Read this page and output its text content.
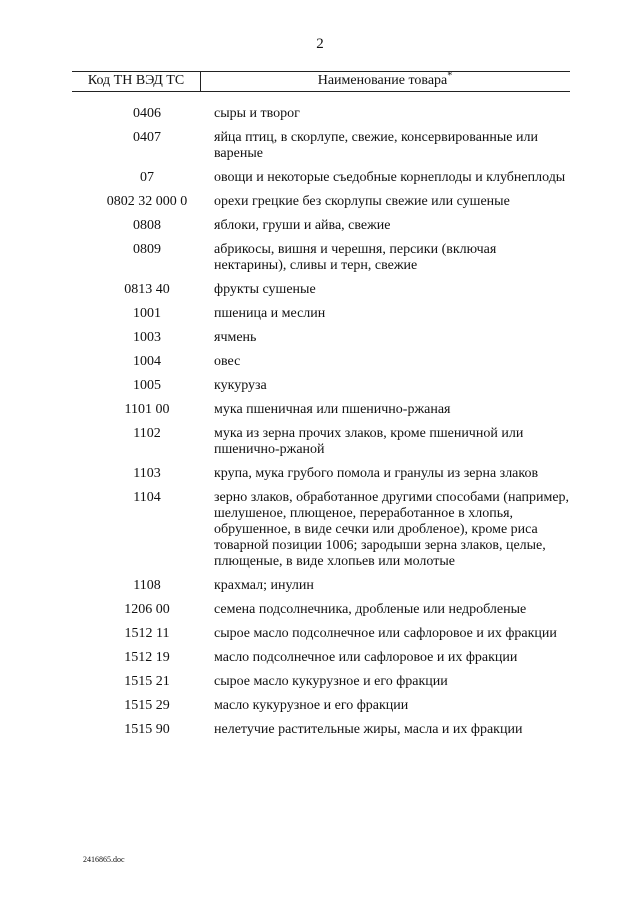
2
Код ТН ВЭД ТС	Наименование товара*
0406	сыры и творог
0407	яйца птиц, в скорлупе, свежие, консервированные или вареные
07	овощи и некоторые съедобные корнеплоды и клубнеплоды
0802 32 000 0	орехи грецкие без скорлупы свежие или сушеные
0808	яблоки, груши и айва, свежие
0809	абрикосы, вишня и черешня, персики (включая нектарины), сливы и терн, свежие
0813 40	фрукты сушеные
1001	пшеница и меслин
1003	ячмень
1004	овес
1005	кукуруза
1101 00	мука пшеничная или пшенично-ржаная
1102	мука из зерна прочих злаков, кроме пшеничной или пшенично-ржаной
1103	крупа, мука грубого помола и гранулы из зерна злаков
1104	зерно злаков, обработанное другими способами (например, шелушеное, плющеное, переработанное в хлопья, обрушенное, в виде сечки или дробленое), кроме риса товарной позиции 1006; зародыши зерна злаков, целые, плющеные, в виде хлопьев или молотые
1108	крахмал; инулин
1206 00	семена подсолнечника, дробленые или недробленые
1512 11	сырое масло подсолнечное или сафлоровое и их фракции
1512 19	масло подсолнечное или сафлоровое и их фракции
1515 21	сырое масло кукурузное и его фракции
1515 29	масло кукурузное и его фракции
1515 90	нелетучие растительные жиры, масла и их фракции
2416865.doc
